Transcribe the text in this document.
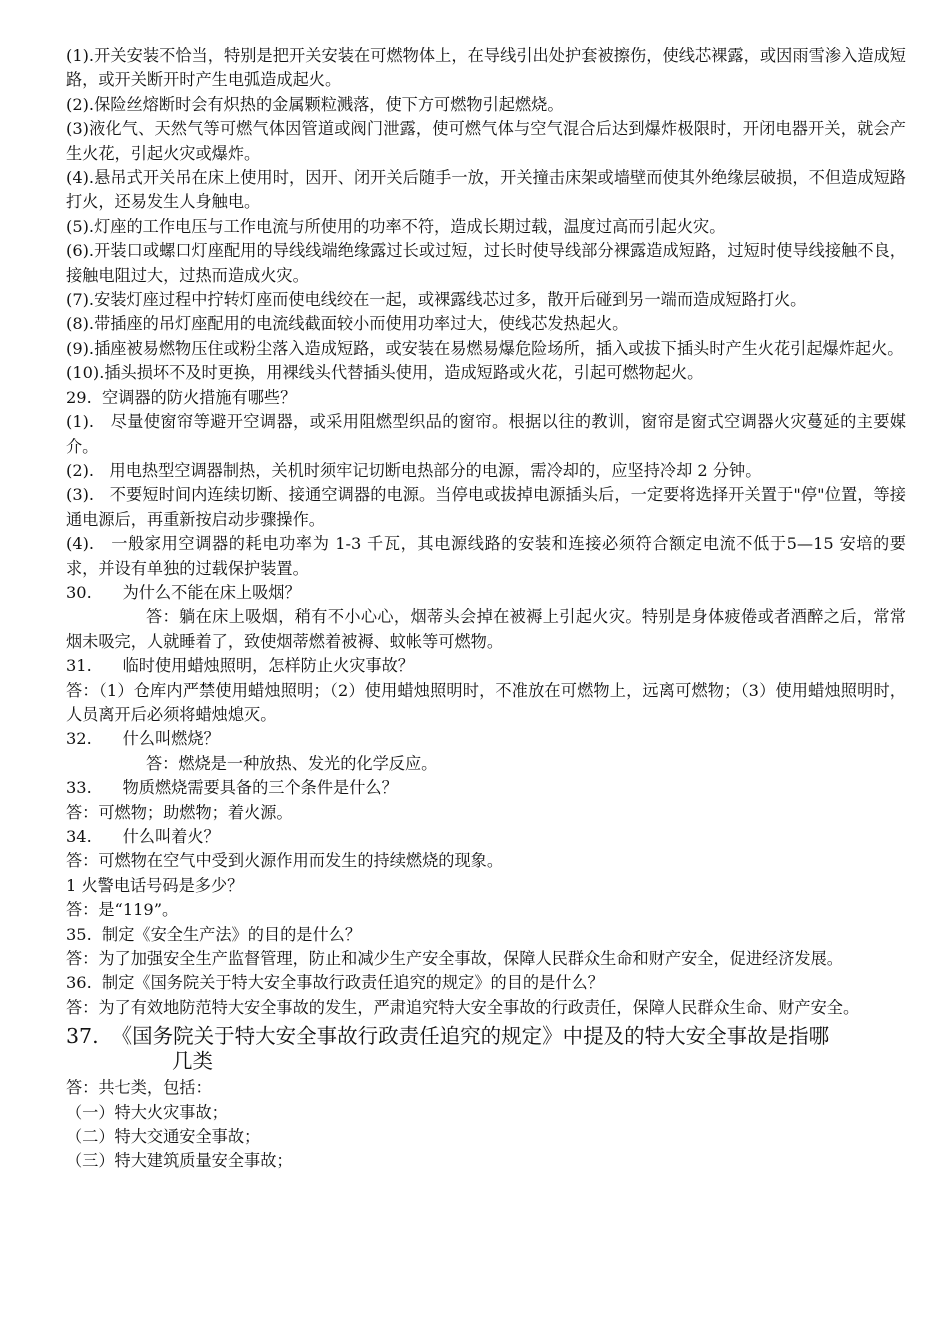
(1).开关安装不恰当，特别是把开关安装在可燃物体上，在导线引出处护套被擦伤，使线芯裸露，或因雨雪渗入造成短路，或开关断开时产生电弧造成起火。

(2).保险丝熔断时会有炽热的金属颗粒溅落，使下方可燃物引起燃烧。

(3)液化气、天然气等可燃气体因管道或阀门泄露，使可燃气体与空气混合后达到爆炸极限时，开闭电器开关，就会产生火花，引起火灾或爆炸。

(4).悬吊式开关吊在床上使用时，因开、闭开关后随手一放，开关撞击床架或墙壁而使其外绝缘层破损，不但造成短路打火，还易发生人身触电。

(5).灯座的工作电压与工作电流与所使用的功率不符，造成长期过载，温度过高而引起火灾。

(6).开装口或螺口灯座配用的导线线端绝缘露过长或过短，过长时使导线部分裸露造成短路，过短时使导线接触不良，接触电阻过大，过热而造成火灾。

(7).安装灯座过程中拧转灯座而使电线绞在一起，或裸露线芯过多，散开后碰到另一端而造成短路打火。

(8).带插座的吊灯座配用的电流线截面较小而使用功率过大，使线芯发热起火。

(9).插座被易燃物压住或粉尘落入造成短路，或安装在易燃易爆危险场所，插入或拔下插头时产生火花引起爆炸起火。

(10).插头损坏不及时更换，用裸线头代替插头使用，造成短路或火花，引起可燃物起火。

29.  空调器的防火措施有哪些？

(1).   尽量使窗帘等避开空调器，或采用阻燃型织品的窗帘。根据以往的教训，窗帘是窗式空调器火灾蔓延的主要媒介。

(2).   用电热型空调器制热，关机时须牢记切断电热部分的电源，需冷却的，应坚持冷却 2 分钟。

(3).   不要短时间内连续切断、接通空调器的电源。当停电或拔掉电源插头后，一定要将选择开关置于"停"位置，等接通电源后，再重新按启动步骤操作。

(4).   一般家用空调器的耗电功率为 1-3 千瓦，其电源线路的安装和连接必须符合额定电流不低于5—15 安培的要求，并设有单独的过载保护装置。

30.      为什么不能在床上吸烟？

答：躺在床上吸烟，稍有不小心心，烟蒂头会掉在被褥上引起火灾。特别是身体疲倦或者酒醉之后，常常烟未吸完，人就睡着了，致使烟蒂燃着被褥、蚊帐等可燃物。

31.      临时使用蜡烛照明，怎样防止火灾事故？

答：（1）仓库内严禁使用蜡烛照明；（2）使用蜡烛照明时，不准放在可燃物上，远离可燃物；（3）使用蜡烛照明时，人员离开后必须将蜡烛熄灭。

32.      什么叫燃烧？

答：燃烧是一种放热、发光的化学反应。

33.      物质燃烧需要具备的三个条件是什么？

答：可燃物；助燃物；着火源。

34.      什么叫着火？

答：可燃物在空气中受到火源作用而发生的持续燃烧的现象。

1 火警电话号码是多少？

答：是“119”。

35.  制定《安全生产法》的目的是什么？

答：为了加强安全生产监督管理，防止和减少生产安全事故，保障人民群众生命和财产安全，促进经济发展。

36.  制定《国务院关于特大安全事故行政责任追究的规定》的目的是什么？

答：为了有效地防范特大安全事故的发生，严肃追究特大安全事故的行政责任，保障人民群众生命、财产安全。

37.  《国务院关于特大安全事故行政责任追究的规定》中提及的特大安全事故是指哪

几类

答：共七类，包括：

（一）特大火灾事故；

（二）特大交通安全事故；

（三）特大建筑质量安全事故；
